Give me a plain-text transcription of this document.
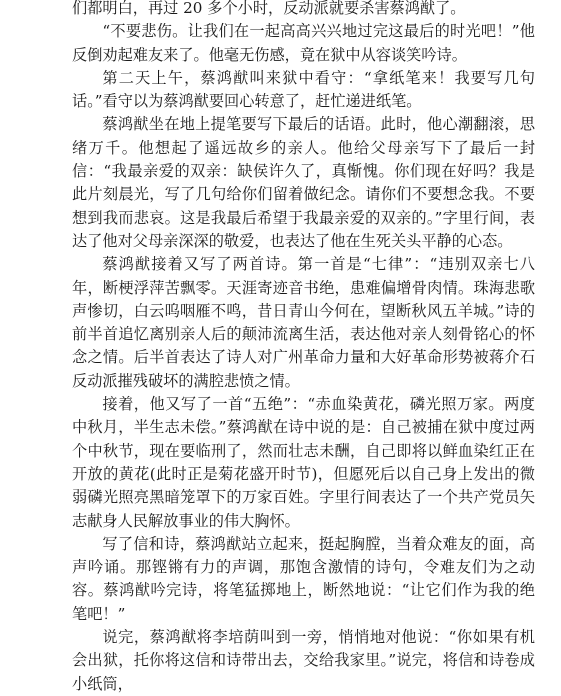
们都明白，再过 20 多个小时，反动派就要杀害蔡鸿猷了。

“不要悲伤。让我们在一起高高兴兴地过完这最后的时光吧！”他反倒劝起难友来了。他毫无伤感，竟在狱中从容谈笑吟诗。

第二天上午，蔡鸿猷叫来狱中看守：“拿纸笔来！我要写几句话。”看守以为蔡鸿猷要回心转意了，赶忙递进纸笔。

蔡鸿猷坐在地上提笔要写下最后的话语。此时，他心潮翻滚，思绪万千。他想起了遥远故乡的亲人。他给父母亲写下了最后一封信：“我最亲爱的双亲：缺侯许久了，真惭愧。你们现在好吗？我是此片刻晨光，写了几句给你们留着做纪念。请你们不要想念我。不要想到我而悲哀。这是我最后希望于我最亲爱的双亲的。”字里行间，表达了他对父母亲深深的敬爱，也表达了他在生死关头平静的心态。

蔡鸿猷接着又写了两首诗。第一首是“七律”：“违别双亲七八年，断梗浮萍苦飘零。天涯寄迹音书绝，患难偏增骨肉情。珠海悲歌声惨切，白云呜咽雁不鸣，昔日青山今何在，望断秋风五羊城。”诗的前半首追忆离别亲人后的颠沛流离生活，表达他对亲人刻骨铭心的怀念之情。后半首表达了诗人对广州革命力量和大好革命形势被蒋介石反动派摧残破坏的满腔悲愤之情。

接着，他又写了一首“五绝”：“赤血染黄花，磷光照万家。两度中秋月，半生志未偿。”蔡鸿猷在诗中说的是：自己被捕在狱中度过两个中秋节，现在要临刑了，然而壮志未酬，自己即将以鲜血染红正在开放的黄花(此时正是菊花盛开时节)，但愿死后以自己身上发出的微弱磷光照亮黑暗笼罩下的万家百姓。字里行间表达了一个共产党员矢志献身人民解放事业的伟大胸怀。

写了信和诗，蔡鸿猷站立起来，挺起胸膛，当着众难友的面，高声吟诵。那铿锵有力的声调，那饱含激情的诗句，令难友们为之动容。蔡鸿猷吟完诗，将笔猛掷地上，断然地说：“让它们作为我的绝笔吧！”

说完，蔡鸿猷将李培荫叫到一旁，悄悄地对他说：“你如果有机会出狱，托你将这信和诗带出去，交给我家里。”说完，将信和诗卷成小纸筒，
